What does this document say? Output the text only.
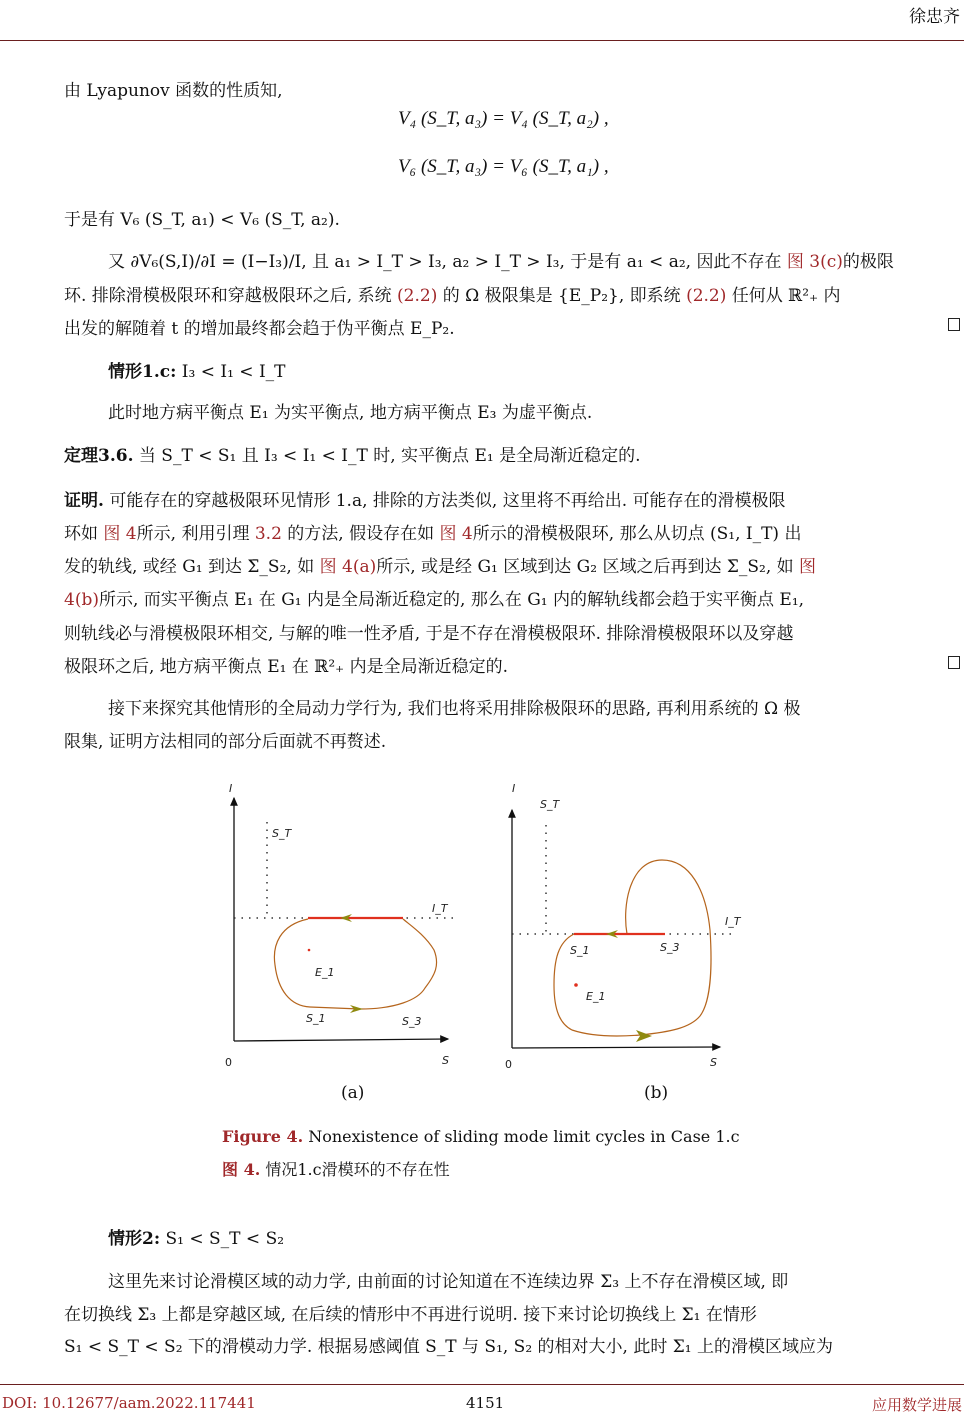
徐忠齐
由 Lyapunov 函数的性质知,
V₄ (S_T, a₃) = V₄ (S_T, a₂) ,
V₆ (S_T, a₃) = V₆ (S_T, a₁) ,
于是有 V₆ (S_T, a₁) < V₆ (S_T, a₂).
又 ∂V₆(S,I)/∂I = (I−I₃)/I, 且 a₁ > I_T > I₃, a₂ > I_T > I₃, 于是有 a₁ < a₂, 因此不存在 图 3(c)的极限
环. 排除滑模极限环和穿越极限环之后, 系统 (2.2) 的 Ω 极限集是 {E_P₂}, 即系统 (2.2) 任何从 ℝ²₊ 内
出发的解随着 t 的增加最终都会趋于伪平衡点 E_P₂.
情形1.c: I₃ < I₁ < I_T
此时地方病平衡点 E₁ 为实平衡点, 地方病平衡点 E₃ 为虚平衡点.
定理3.6. 当 S_T < S₁ 且 I₃ < I₁ < I_T 时, 实平衡点 E₁ 是全局渐近稳定的.
证明. 可能存在的穿越极限环见情形 1.a, 排除的方法类似, 这里将不再给出. 可能存在的滑模极限
环如 图 4所示, 利用引理 3.2 的方法, 假设存在如 图 4所示的滑模极限环, 那么从切点 (S₁, I_T) 出
发的轨线, 或经 G₁ 到达 Σ̄_S₂, 如 图 4(a)所示, 或是经 G₁ 区域到达 G₂ 区域之后再到达 Σ̄_S₂, 如 图
4(b)所示, 而实平衡点 E₁ 在 G₁ 内是全局渐近稳定的, 那么在 G₁ 内的解轨线都会趋于实平衡点 E₁,
则轨线必与滑模极限环相交, 与解的唯一性矛盾, 于是不存在滑模极限环. 排除滑模极限环以及穿越
极限环之后, 地方病平衡点 E₁ 在 ℝ²₊ 内是全局渐近稳定的.
接下来探究其他情形的全局动力学行为, 我们也将采用排除极限环的思路, 再利用系统的 Ω 极
限集, 证明方法相同的部分后面就不再赘述.
I
S_T
I_T
E_1
S_1	S_3
0	S
I
S_T
I_T
S_1	S_3
E_1
0	S
(a)	(b)
Figure 4. Nonexistence of sliding mode limit cycles in Case 1.c
图 4. 情况1.c滑模环的不存在性
情形2: S₁ < S_T < S₂
这里先来讨论滑模区域的动力学, 由前面的讨论知道在不连续边界 Σ₃ 上不存在滑模区域, 即
在切换线 Σ₃ 上都是穿越区域, 在后续的情形中不再进行说明. 接下来讨论切换线上 Σ₁ 在情形
S₁ < S_T < S₂ 下的滑模动力学. 根据易感阈值 S_T 与 S₁, S₂ 的相对大小, 此时 Σ₁ 上的滑模区域应为
DOI: 10.12677/aam.2022.117441	4151	应用数学进展
